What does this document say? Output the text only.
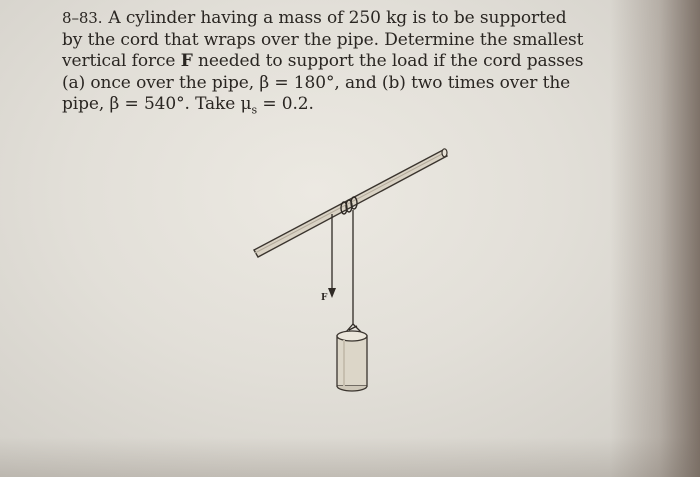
8–83. A cylinder having a mass of 250 kg is to be supported
by the cord that wraps over the pipe. Determine the smallest
vertical force F needed to support the load if the cord passes
(a) once over the pipe, β = 180°, and (b) two times over the
pipe, β = 540°. Take $\mu_s = 0.2$.
F
